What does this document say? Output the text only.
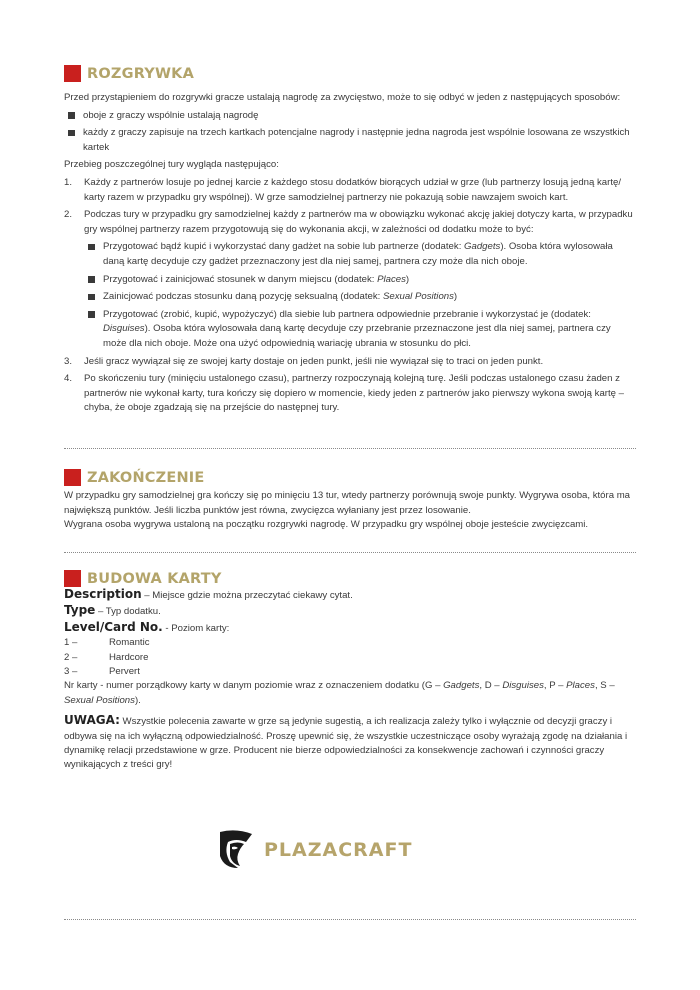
ROZGRYWKA

Przed przystąpieniem do rozgrywki gracze ustalają nagrodę za zwycięstwo, może to się odbyć w jeden z następujących sposobów:

oboje z graczy wspólnie ustalają nagrodę
każdy z graczy zapisuje na trzech kartkach potencjalne nagrody i następnie jedna nagroda jest wspólnie losowana ze wszystkich kartek

Przebieg poszczególnej tury wygląda następująco:

1. Każdy z partnerów losuje po jednej karcie z każdego stosu dodatków biorących udział w grze (lub partnerzy losują jedną kartę/ karty razem w przypadku gry wspólnej). W grze samodzielnej partnerzy nie pokazują sobie nawzajem swoich kart.
2. Podczas tury w przypadku gry samodzielnej każdy z partnerów ma w obowiązku wykonać akcję jakiej dotyczy karta, w przypadku gry wspólnej partnerzy razem przygotowują się do wykonania akcji, w zależności od dodatku może to być:
Przygotować bądź kupić i wykorzystać dany gadżet na sobie lub partnerze (dodatek: Gadgets). Osoba która wylosowała daną kartę decyduje czy gadżet przeznaczony jest dla niej samej, partnera czy może dla nich oboje.
Przygotować i zainicjować stosunek w danym miejscu (dodatek: Places)
Zainicjować podczas stosunku daną pozycję seksualną (dodatek: Sexual Positions)
Przygotować (zrobić, kupić, wypożyczyć) dla siebie lub partnera odpowiednie przebranie i wykorzystać je (dodatek: Disguises). Osoba która wylosowała daną kartę decyduje czy przebranie przeznaczone jest dla niej samej, partnera czy może dla nich oboje. Może ona użyć odpowiednią wariację ubrania w stosunku do płci.
3. Jeśli gracz wywiązał się ze swojej karty dostaje on jeden punkt, jeśli nie wywiązał się to traci on jeden punkt.
4. Po skończeniu tury (minięciu ustalonego czasu), partnerzy rozpoczynają kolejną turę. Jeśli podczas ustalonego czasu żaden z partnerów nie wykonał karty, tura kończy się dopiero w momencie, kiedy jeden z partnerów jako pierwszy wykona swoją kartę – chyba, że oboje zgadzają się na przejście do następnej tury.
ZAKOŃCZENIE

W przypadku gry samodzielnej gra kończy się po minięciu 13 tur, wtedy partnerzy porównują swoje punkty. Wygrywa osoba, która ma największą punktów. Jeśli liczba punktów jest równa, zwycięzca wyłaniany jest przez losowanie.

Wygrana osoba wygrywa ustaloną na początku rozgrywki nagrodę. W przypadku gry wspólnej oboje jesteście zwycięzcami.

BUDOWA KARTY

Description – Miejsce gdzie można przeczytać ciekawy cytat.

Type – Typ dodatku.

Level/Card No. - Poziom karty:

1 –	Romantic
2 –	Hardcore
3 –	Pervert

Nr karty - numer porządkowy karty w danym poziomie wraz z oznaczeniem dodatku (G – Gadgets, D – Disguises, P – Places, S – Sexual Positions).

UWAGA: Wszystkie polecenia zawarte w grze są jedynie sugestią, a ich realizacja zależy tylko i wyłącznie od decyzji graczy i odbywa się na ich wyłączną odpowiedzialność. Proszę upewnić się, że wszystkie uczestniczące osoby wyrażają zgodę na działania i dynamikę relacji przedstawione w grze. Producent nie bierze odpowiedzialności za konsekwencje zachowań i czynności graczy wynikających z treści gry!

PLAZACRAFT
